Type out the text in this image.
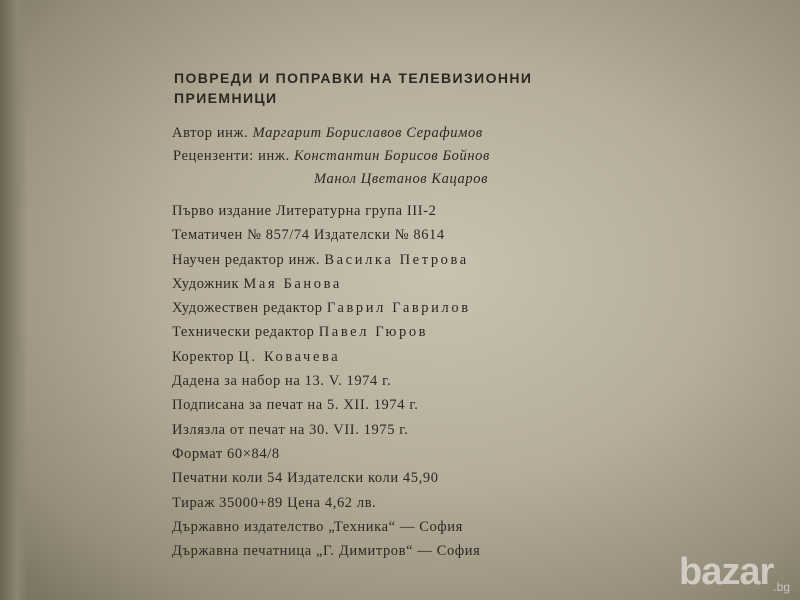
ПОВРЕДИ И ПОПРАВКИ НА ТЕЛЕВИЗИОННИ ПРИЕМНИЦИ
Автор инж. Маргарит Бориславов Серафимов
Рецензенти: инж. Константин Борисов Бойнов
Манол Цветанов Кацаров
Първо издание Литературна група III-2
Тематичен № 857/74 Издателски № 8614
Научен редактор инж. Василка Петрова
Художник Мая Банова
Художествен редактор Гаврил Гаврилов
Технически редактор Павел Гюров
Коректор Ц. Ковачева
Дадена за набор на 13. V. 1974 г.
Подписана за печат на 5. XII. 1974 г.
Излязла от печат на 30. VII. 1975 г.
Формат 60×84/8
Печатни коли 54 Издателски коли 45,90
Тираж 35000+89 Цена 4,62 лв.
Държавно издателство „Техника“ — София
Държавна печатница „Г. Димитров“ — София	bazar.bg
